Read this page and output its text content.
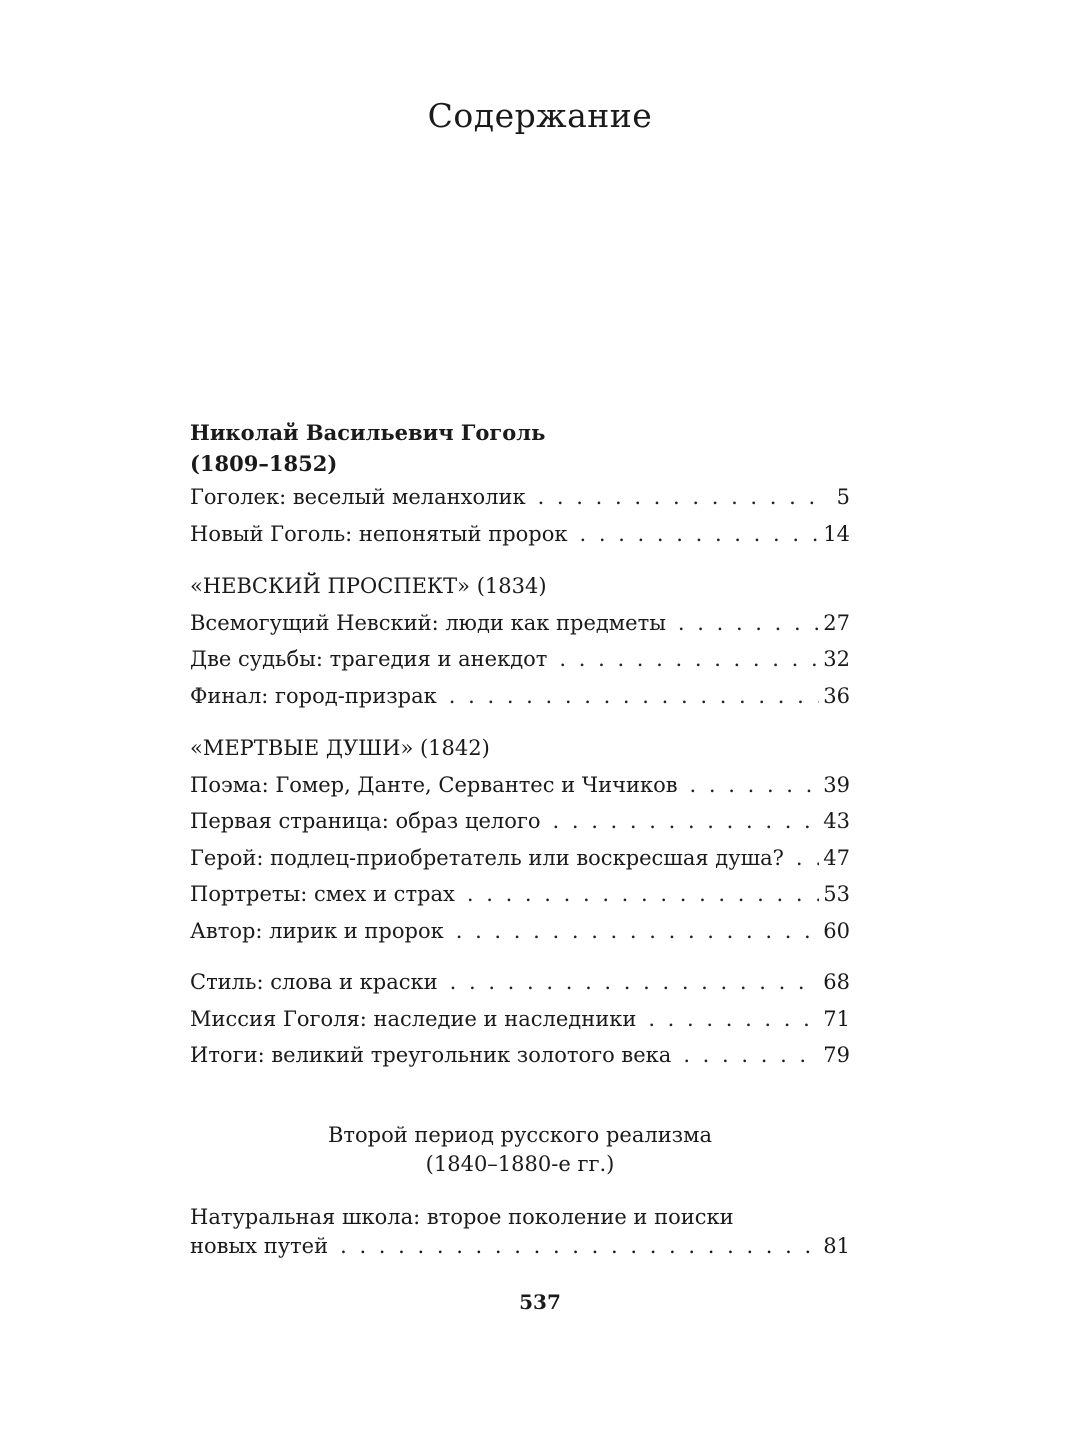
Содержание
Николай Васильевич Гоголь
(1809–1852)
Гоголек: веселый меланхолик . . .	5
Новый Гоголь: непонятый пророк . . .	14
«НЕВСКИЙ ПРОСПЕКТ» (1834)
Всемогущий Невский: люди как предметы . . .	27
Две судьбы: трагедия и анекдот . . .	32
Финал: город-призрак . . .	36
«МЕРТВЫЕ ДУШИ» (1842)
Поэма: Гомер, Данте, Сервантес и Чичиков . . .	39
Первая страница: образ целого . . .	43
Герой: подлец-приобретатель или воскресшая душа? . . . 47
Портреты: смех и страх . . .	53
Автор: лирик и пророк . . .	60
Стиль: слова и краски . . .	68
Миссия Гоголя: наследие и наследники . . .	71
Итоги: великий треугольник золотого века . . .	79
Второй период русского реализма
(1840–1880-е гг.)
Натуральная школа: второе поколение и поиски
новых путей . . .	81
537
